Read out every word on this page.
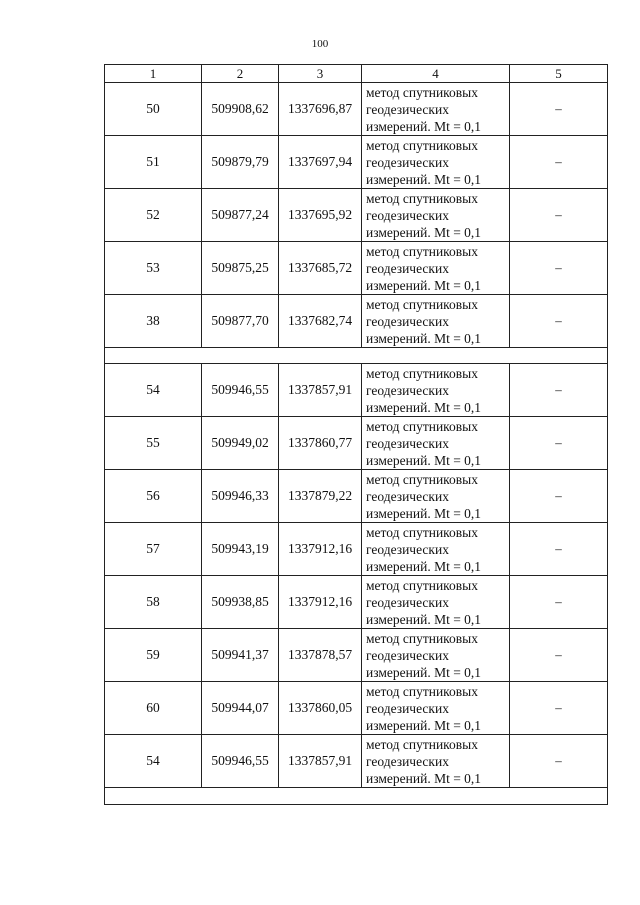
100
1	2	3	4	5
50	509908,62	1337696,87	метод спутниковых
геодезических
измерений. Mt = 0,1	–
51	509879,79	1337697,94	метод спутниковых
геодезических
измерений. Mt = 0,1	–
52	509877,24	1337695,92	метод спутниковых
геодезических
измерений. Mt = 0,1	–
53	509875,25	1337685,72	метод спутниковых
геодезических
измерений. Mt = 0,1	–
38	509877,70	1337682,74	метод спутниковых
геодезических
измерений. Mt = 0,1	–

54	509946,55	1337857,91	метод спутниковых
геодезических
измерений. Mt = 0,1	–
55	509949,02	1337860,77	метод спутниковых
геодезических
измерений. Mt = 0,1	–
56	509946,33	1337879,22	метод спутниковых
геодезических
измерений. Mt = 0,1	–
57	509943,19	1337912,16	метод спутниковых
геодезических
измерений. Mt = 0,1	–
58	509938,85	1337912,16	метод спутниковых
геодезических
измерений. Mt = 0,1	–
59	509941,37	1337878,57	метод спутниковых
геодезических
измерений. Mt = 0,1	–
60	509944,07	1337860,05	метод спутниковых
геодезических
измерений. Mt = 0,1	–
54	509946,55	1337857,91	метод спутниковых
геодезических
измерений. Mt = 0,1	–
